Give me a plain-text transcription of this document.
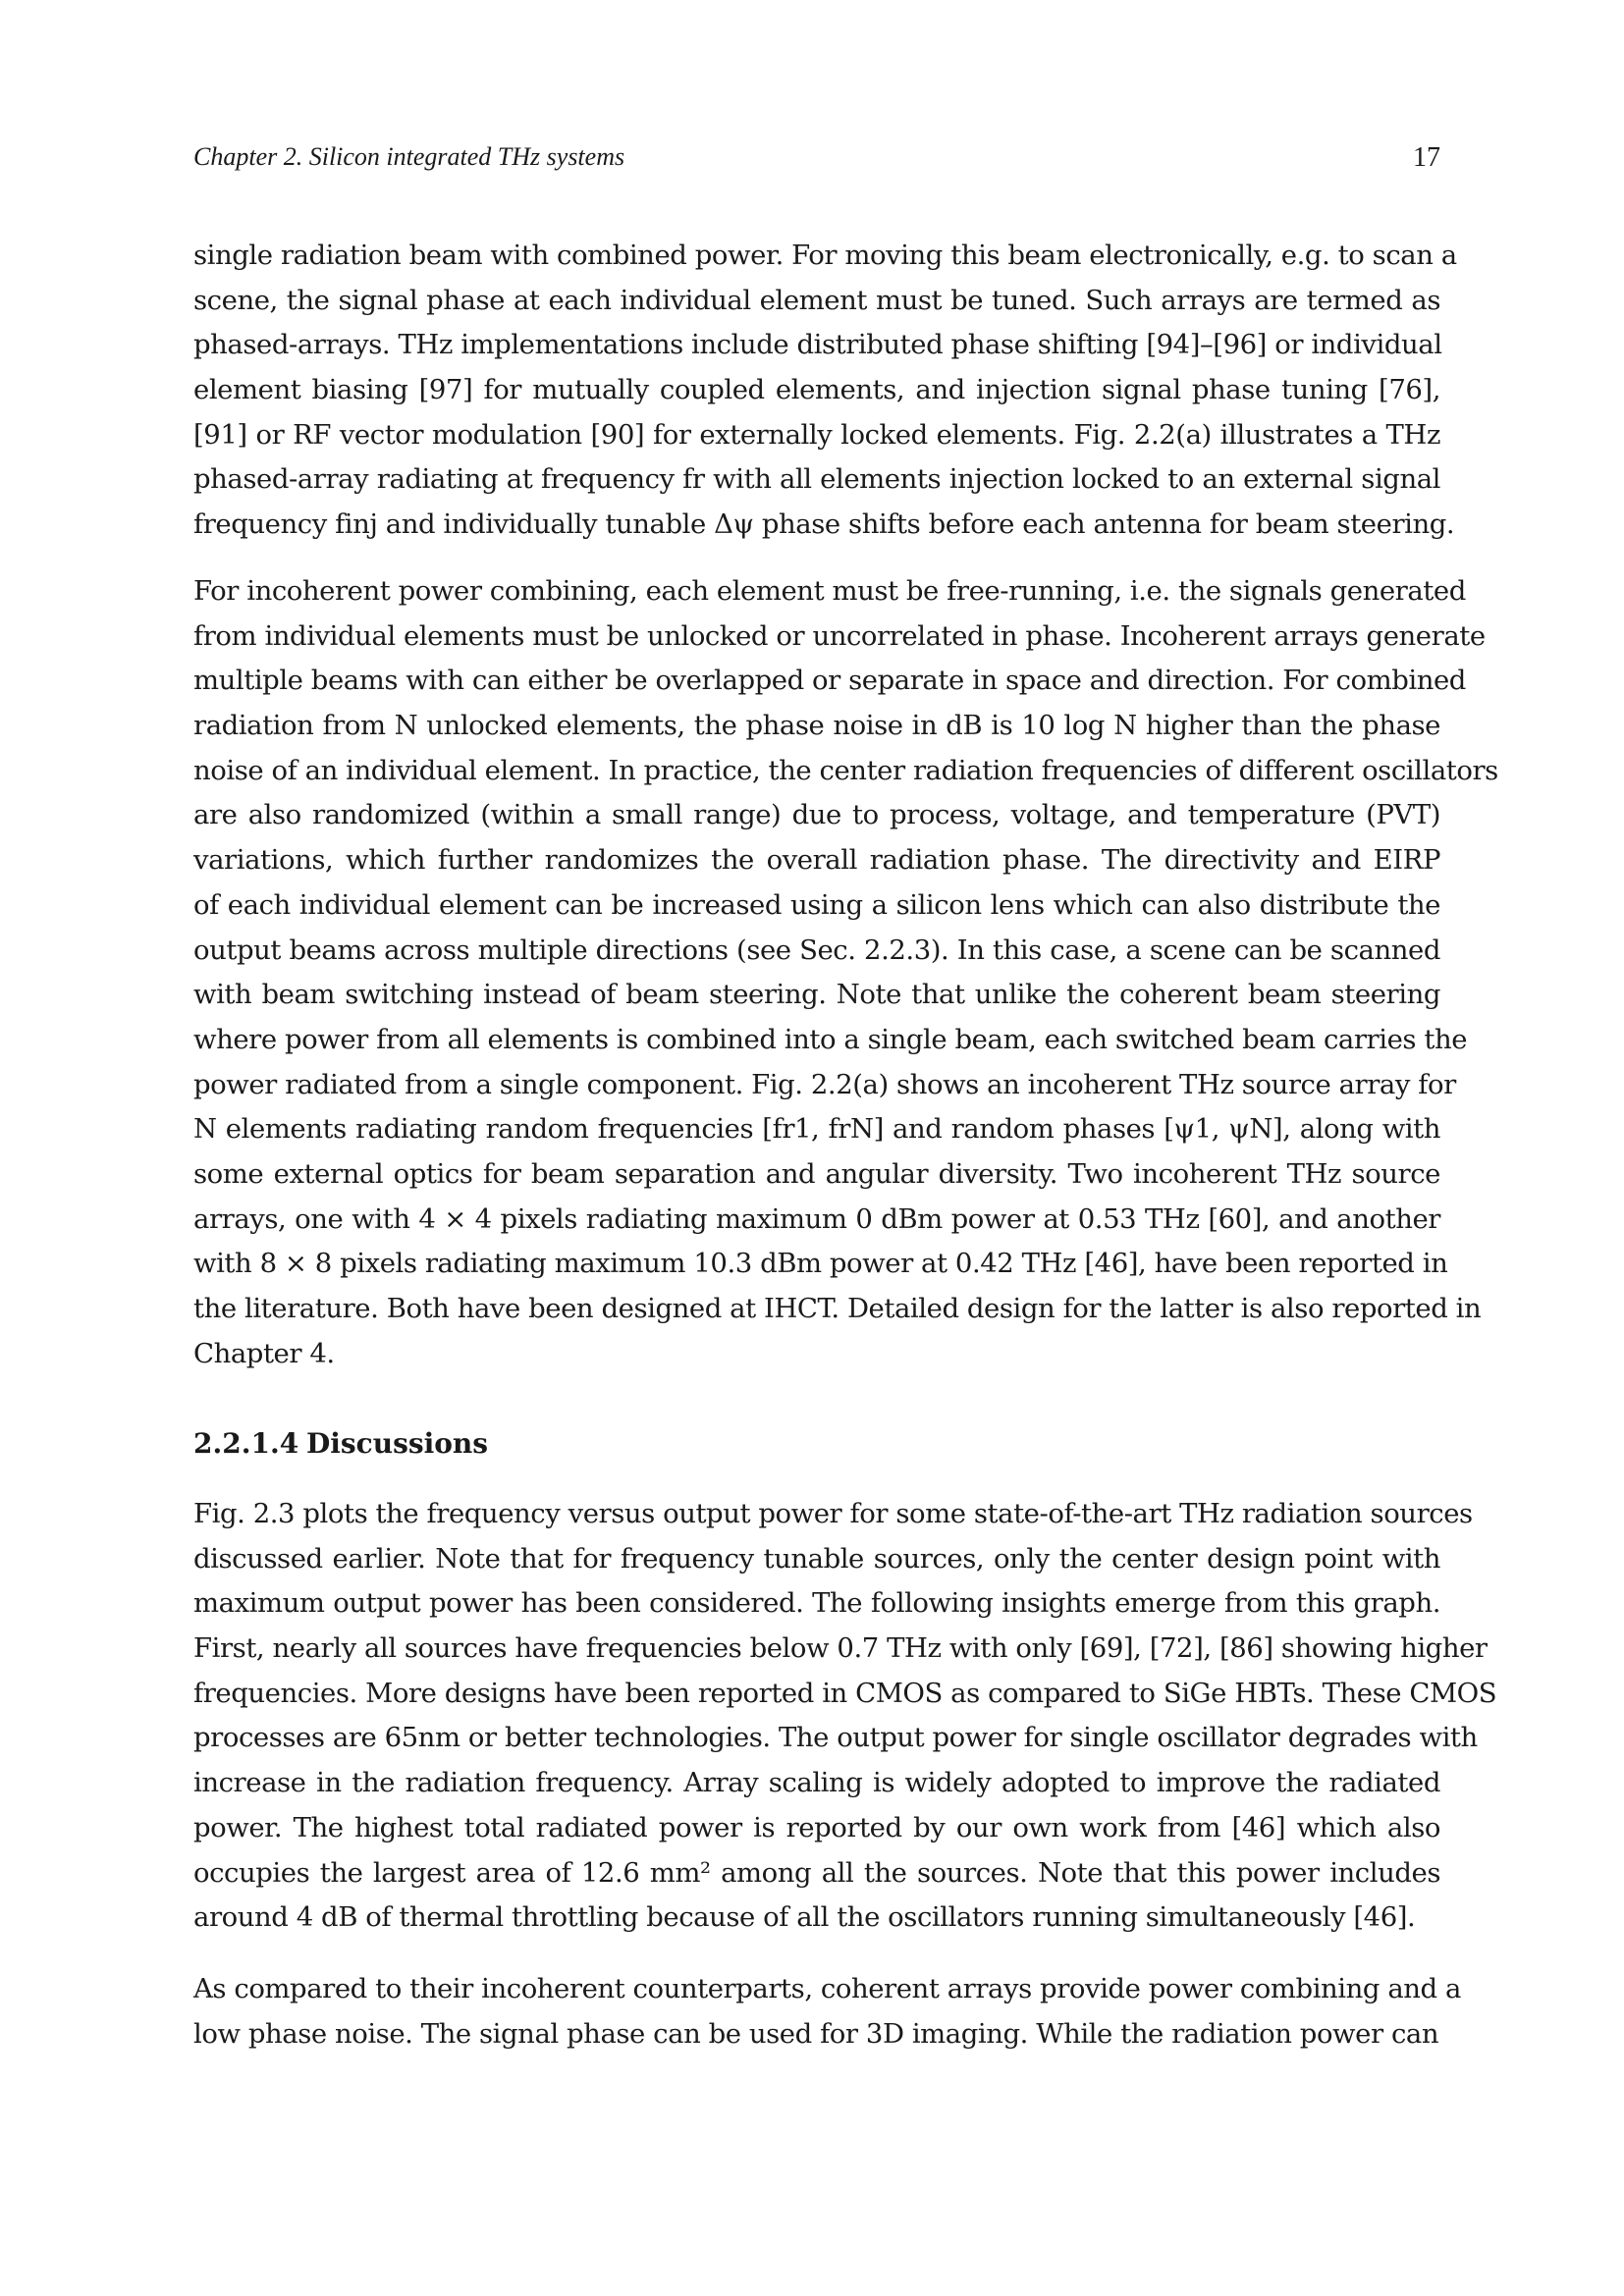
Chapter 2. Silicon integrated THz systems	17
single radiation beam with combined power. For moving this beam electronically, e.g. to scan a
scene, the signal phase at each individual element must be tuned. Such arrays are termed as
phased-arrays. THz implementations include distributed phase shifting [94]–[96] or individual
element biasing [97] for mutually coupled elements, and injection signal phase tuning [76],
[91] or RF vector modulation [90] for externally locked elements. Fig. 2.2(a) illustrates a THz
phased-array radiating at frequency fr with all elements injection locked to an external signal
frequency finj and individually tunable Δψ phase shifts before each antenna for beam steering.
For incoherent power combining, each element must be free-running, i.e. the signals generated
from individual elements must be unlocked or uncorrelated in phase. Incoherent arrays generate
multiple beams with can either be overlapped or separate in space and direction. For combined
radiation from N unlocked elements, the phase noise in dB is 10 log N higher than the phase
noise of an individual element. In practice, the center radiation frequencies of different oscillators
are also randomized (within a small range) due to process, voltage, and temperature (PVT)
variations, which further randomizes the overall radiation phase. The directivity and EIRP
of each individual element can be increased using a silicon lens which can also distribute the
output beams across multiple directions (see Sec. 2.2.3). In this case, a scene can be scanned
with beam switching instead of beam steering. Note that unlike the coherent beam steering
where power from all elements is combined into a single beam, each switched beam carries the
power radiated from a single component. Fig. 2.2(a) shows an incoherent THz source array for
N elements radiating random frequencies [fr1, frN] and random phases [ψ1, ψN], along with
some external optics for beam separation and angular diversity. Two incoherent THz source
arrays, one with 4 × 4 pixels radiating maximum 0 dBm power at 0.53 THz [60], and another
with 8 × 8 pixels radiating maximum 10.3 dBm power at 0.42 THz [46], have been reported in
the literature. Both have been designed at IHCT. Detailed design for the latter is also reported in
Chapter 4.
2.2.1.4 Discussions
Fig. 2.3 plots the frequency versus output power for some state-of-the-art THz radiation sources
discussed earlier. Note that for frequency tunable sources, only the center design point with
maximum output power has been considered. The following insights emerge from this graph.
First, nearly all sources have frequencies below 0.7 THz with only [69], [72], [86] showing higher
frequencies. More designs have been reported in CMOS as compared to SiGe HBTs. These CMOS
processes are 65nm or better technologies. The output power for single oscillator degrades with
increase in the radiation frequency. Array scaling is widely adopted to improve the radiated
power. The highest total radiated power is reported by our own work from [46] which also
occupies the largest area of 12.6 mm² among all the sources. Note that this power includes
around 4 dB of thermal throttling because of all the oscillators running simultaneously [46].
As compared to their incoherent counterparts, coherent arrays provide power combining and a
low phase noise. The signal phase can be used for 3D imaging. While the radiation power can
